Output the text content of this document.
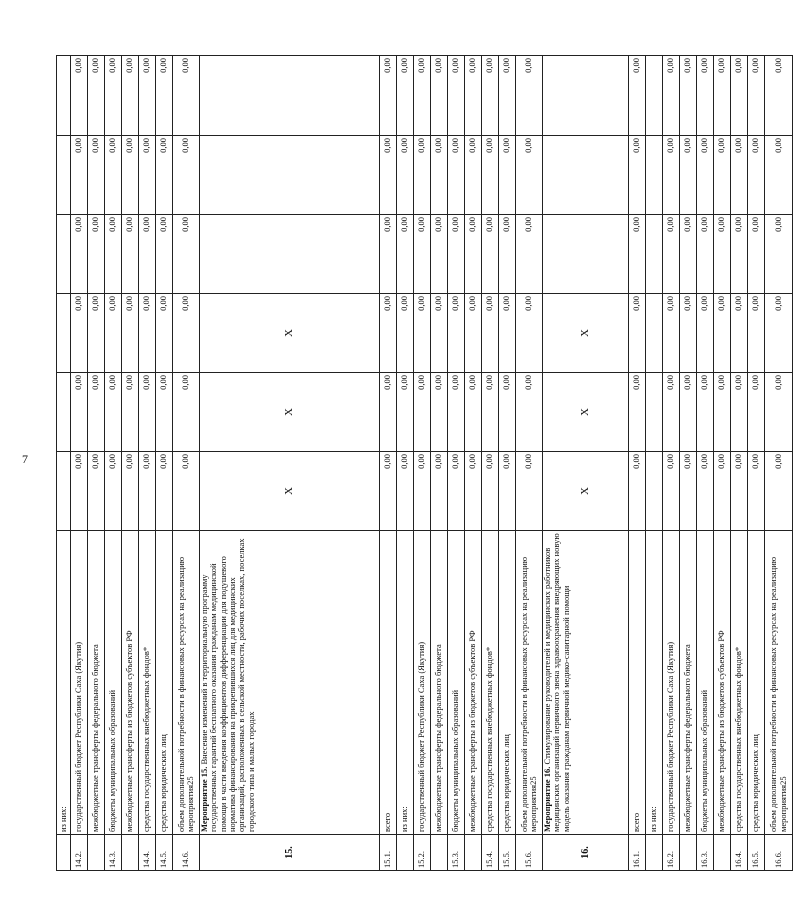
7
	из них:						
14.2.	государственный бюджет Республики Саха (Якутия)	0,00	0,00	0,00	0,00	0,00	0,00
	межбюджетные трансферты федерального бюджета	0,00	0,00	0,00	0,00	0,00	0,00
14.3.	бюджеты муниципальных образований	0,00	0,00	0,00	0,00	0,00	0,00
	межбюджетные трансферты из бюджетов субъектов РФ	0,00	0,00	0,00	0,00	0,00	0,00
14.4.	средства государственных внебюджетных фондов*	0,00	0,00	0,00	0,00	0,00	0,00
14.5.	средства юридических лиц	0,00	0,00	0,00	0,00	0,00	0,00
14.6.	объем дополнительной потребности в финансовых ресурсах на реализацию мероприятия25	0,00	0,00	0,00	0,00	0,00	0,00
15.	Мероприятие 15. Внесение изменений в территориальную программу государственных гарантий бесплатного оказания гражданам медицинской помощи в части введения коэффициентов дифференциации для подушевого норматива финансирования на прикрепившихся лиц для медицинских организаций, расположенных в сельской местности, рабочих поселках, поселках городского типа и малых городах	X	X	X			
15.1.	всего	0,00	0,00	0,00	0,00	0,00	0,00
	из них:	0,00	0,00	0,00	0,00	0,00	0,00
15.2.	государственный бюджет Республики Саха (Якутия)	0,00	0,00	0,00	0,00	0,00	0,00
	межбюджетные трансферты федерального бюджета	0,00	0,00	0,00	0,00	0,00	0,00
15.3.	бюджеты муниципальных образований	0,00	0,00	0,00	0,00	0,00	0,00
	межбюджетные трансферты из бюджетов субъектов РФ	0,00	0,00	0,00	0,00	0,00	0,00
15.4.	средства государственных внебюджетных фондов*	0,00	0,00	0,00	0,00	0,00	0,00
15.5.	средства юридических лиц	0,00	0,00	0,00	0,00	0,00	0,00
15.6.	объем дополнительной потребности в финансовых ресурсах на реализацию мероприятия25	0,00	0,00	0,00	0,00	0,00	0,00
16.	Мероприятие 16. Стимулирование руководителей и медицинских работников медицинских организаций первичного звена здравоохранения внедряющих новую модель оказания гражданам первичной медико-санитарной помощи	X	X	X			
16.1.	всего	0,00	0,00	0,00	0,00	0,00	0,00
	из них:						
16.2.	государственный бюджет Республики Саха (Якутия)	0,00	0,00	0,00	0,00	0,00	0,00
	межбюджетные трансферты федерального бюджета	0,00	0,00	0,00	0,00	0,00	0,00
16.3.	бюджеты муниципальных образований	0,00	0,00	0,00	0,00	0,00	0,00
	межбюджетные трансферты из бюджетов субъектов РФ	0,00	0,00	0,00	0,00	0,00	0,00
16.4.	средства государственных внебюджетных фондов*	0,00	0,00	0,00	0,00	0,00	0,00
16.5.	средства юридических лиц	0,00	0,00	0,00	0,00	0,00	0,00
16.6.	объем дополнительной потребности в финансовых ресурсах на реализацию мероприятия25	0,00	0,00	0,00	0,00	0,00	0,00
